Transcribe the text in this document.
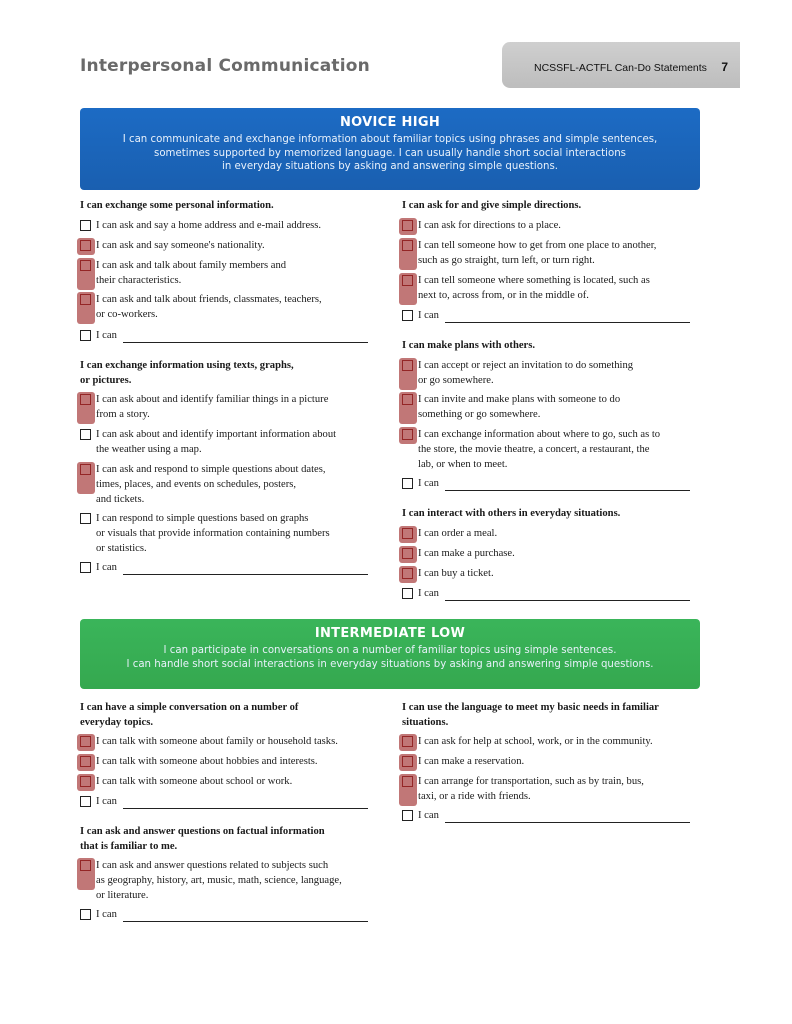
Interpersonal Communication	NCSSFL-ACTFL Can-Do Statements 7
NOVICE HIGH
I can communicate and exchange information about familiar topics using phrases and simple sentences,
sometimes supported by memorized language. I can usually handle short social interactions
in everyday situations by asking and answering simple questions.
I can exchange some personal information.
I can ask and say a home address and e-mail address.
I can ask and say someone's nationality.
I can ask and talk about family members and
their characteristics.
I can ask and talk about friends, classmates, teachers,
or co-workers.
I can
I can exchange information using texts, graphs,
or pictures.
I can ask about and identify familiar things in a picture
from a story.
I can ask about and identify important information about
the weather using a map.
I can ask and respond to simple questions about dates,
times, places, and events on schedules, posters,
and tickets.
I can respond to simple questions based on graphs
or visuals that provide information containing numbers
or statistics.
I can
I can ask for and give simple directions.
I can ask for directions to a place.
I can tell someone how to get from one place to another,
such as go straight, turn left, or turn right.
I can tell someone where something is located, such as
next to, across from, or in the middle of.
I can
I can make plans with others.
I can accept or reject an invitation to do something
or go somewhere.
I can invite and make plans with someone to do
something or go somewhere.
I can exchange information about where to go, such as to
the store, the movie theatre, a concert, a restaurant, the
lab, or when to meet.
I can
I can interact with others in everyday situations.
I can order a meal.
I can make a purchase.
I can buy a ticket.
I can
INTERMEDIATE LOW
I can participate in conversations on a number of familiar topics using simple sentences.
I can handle short social interactions in everyday situations by asking and answering simple questions.
I can have a simple conversation on a number of
everyday topics.
I can talk with someone about family or household tasks.
I can talk with someone about hobbies and interests.
I can talk with someone about school or work.
I can
I can ask and answer questions on factual information
that is familiar to me.
I can ask and answer questions related to subjects such
as geography, history, art, music, math, science, language,
or literature.
I can
I can use the language to meet my basic needs in familiar
situations.
I can ask for help at school, work, or in the community.
I can make a reservation.
I can arrange for transportation, such as by train, bus,
taxi, or a ride with friends.
I can
